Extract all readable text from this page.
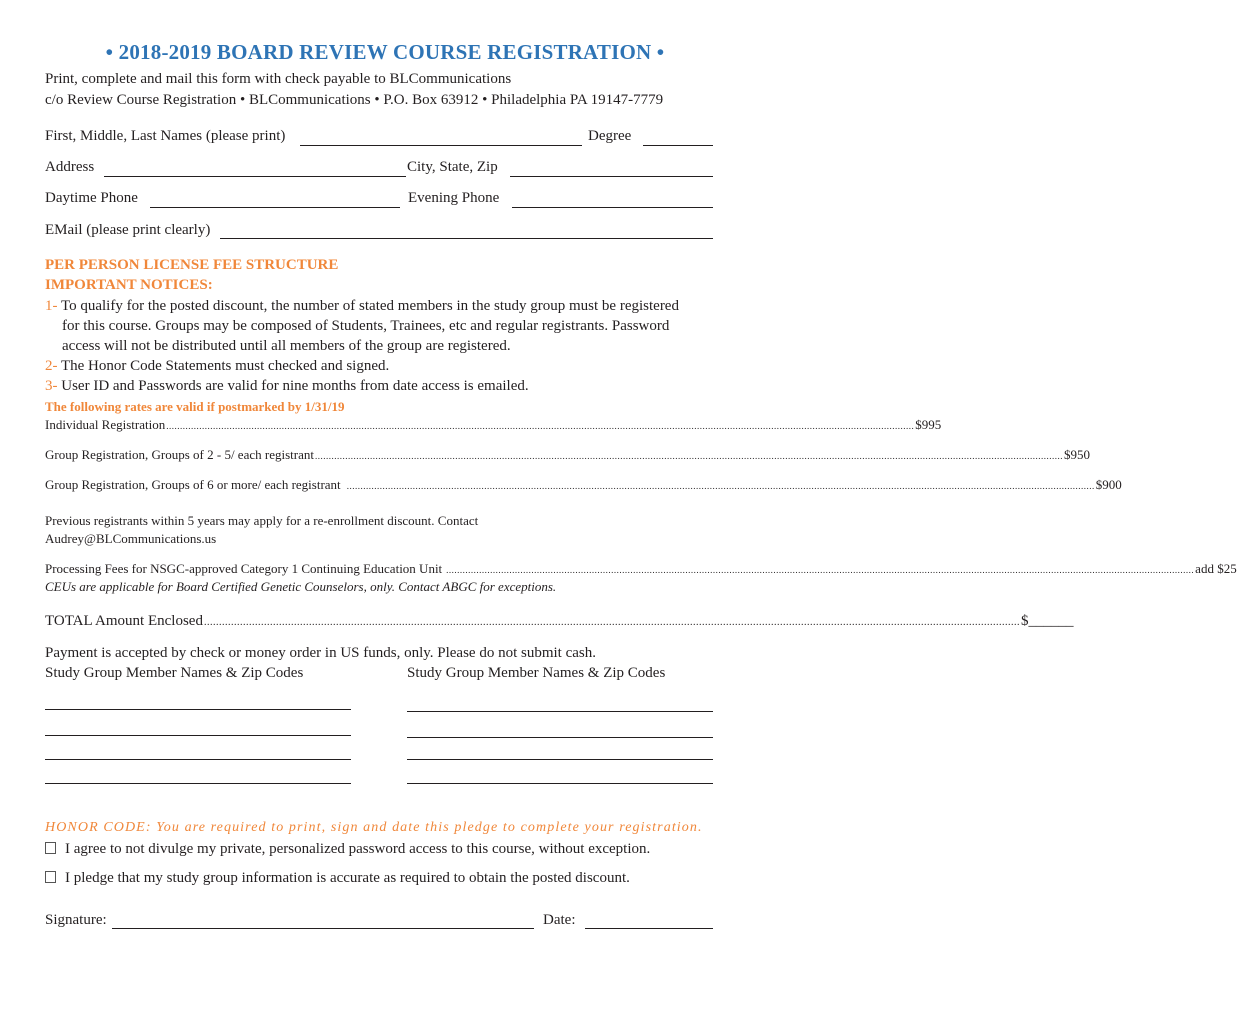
• 2018-2019 BOARD REVIEW COURSE REGISTRATION •
Print, complete and mail this form with check payable to BLCommunications
c/o Review Course Registration • BLCommunications • P.O. Box 63912 • Philadelphia PA 19147-7779
First, Middle, Last Names (please print)	Degree
Address	City, State, Zip
Daytime Phone	Evening Phone
EMail (please print clearly)
PER PERSON LICENSE FEE STRUCTURE
IMPORTANT NOTICES:
1- To qualify for the posted discount, the number of stated members in the study group must be registered
for this course. Groups may be composed of Students, Trainees, etc and regular registrants. Password
access will not be distributed until all members of the group are registered.
2- The Honor Code Statements must checked and signed.
3- User ID and Passwords are valid for nine months from date access is emailed.
The following rates are valid if postmarked by 1/31/19
Individual Registration ................................................................................................................................................................................................................................................................................ $995
Group Registration, Groups of 2 - 5/ each registrant ................................................................................................................................................................................................................................................................................ $950
Group Registration, Groups of 6 or more/ each registrant ................................................................................................................................................................................................................................................................................ $900
Previous registrants within 5 years may apply for a re-enrollment discount. Contact
Audrey@BLCommunications.us
Processing Fees for NSGC-approved Category 1 Continuing Education Unit ................................................................................................................................................................................................................................................................................ add $25
CEUs are applicable for Board Certified Genetic Counselors, only. Contact ABGC for exceptions.
TOTAL Amount Enclosed ................................................................................................................................................................................................................................................................................ $______
Payment is accepted by check or money order in US funds, only. Please do not submit cash.
Study Group Member Names & Zip Codes	Study Group Member Names & Zip Codes
HONOR CODE: You are required to print, sign and date this pledge to complete your registration.
I agree to not divulge my private, personalized password access to this course, without exception.
I pledge that my study group information is accurate as required to obtain the posted discount.
Signature:	Date:
